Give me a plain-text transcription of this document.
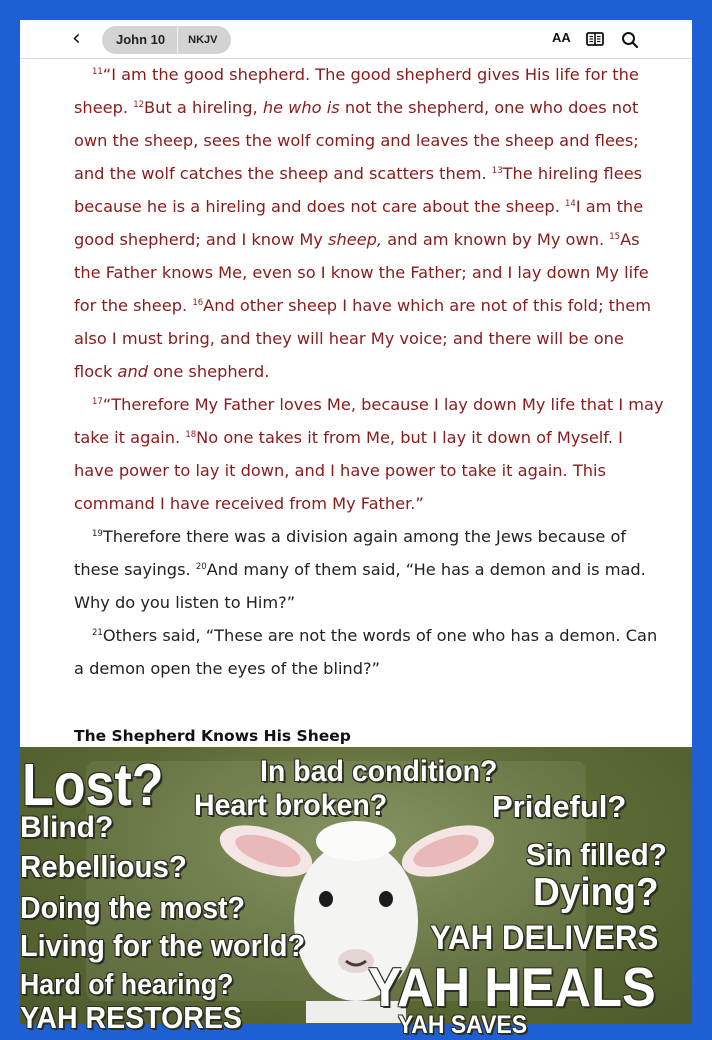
‹	John 10	NKJV	AA

$^{11}$“I am the good shepherd. The good shepherd gives His life for the sheep. $^{12}$But a hireling, he who is not the shepherd, one who does not own the sheep, sees the wolf coming and leaves the sheep and flees; and the wolf catches the sheep and scatters them. $^{13}$The hireling flees because he is a hireling and does not care about the sheep. $^{14}$I am the good shepherd; and I know My sheep, and am known by My own. $^{15}$As the Father knows Me, even so I know the Father; and I lay down My life for the sheep. $^{16}$And other sheep I have which are not of this fold; them also I must bring, and they will hear My voice; and there will be one flock and one shepherd.

$^{17}$“Therefore My Father loves Me, because I lay down My life that I may take it again. $^{18}$No one takes it from Me, but I lay it down of Myself. I have power to lay it down, and I have power to take it again. This command I have received from My Father.”

$^{19}$Therefore there was a division again among the Jews because of these sayings. $^{20}$And many of them said, “He has a demon and is mad. Why do you listen to Him?”

$^{21}$Others said, “These are not the words of one who has a demon. Can a demon open the eyes of the blind?”

The Shepherd Knows His Sheep
Lost?	In bad condition?
Heart broken?	Prideful?
Blind?
Rebellious?	Sin filled?
Dying?
Doing the most?
Living for the world?	YAH DELIVERS
Hard of hearing? YAH HEALS
YAH RESTORES	YAH SAVES
